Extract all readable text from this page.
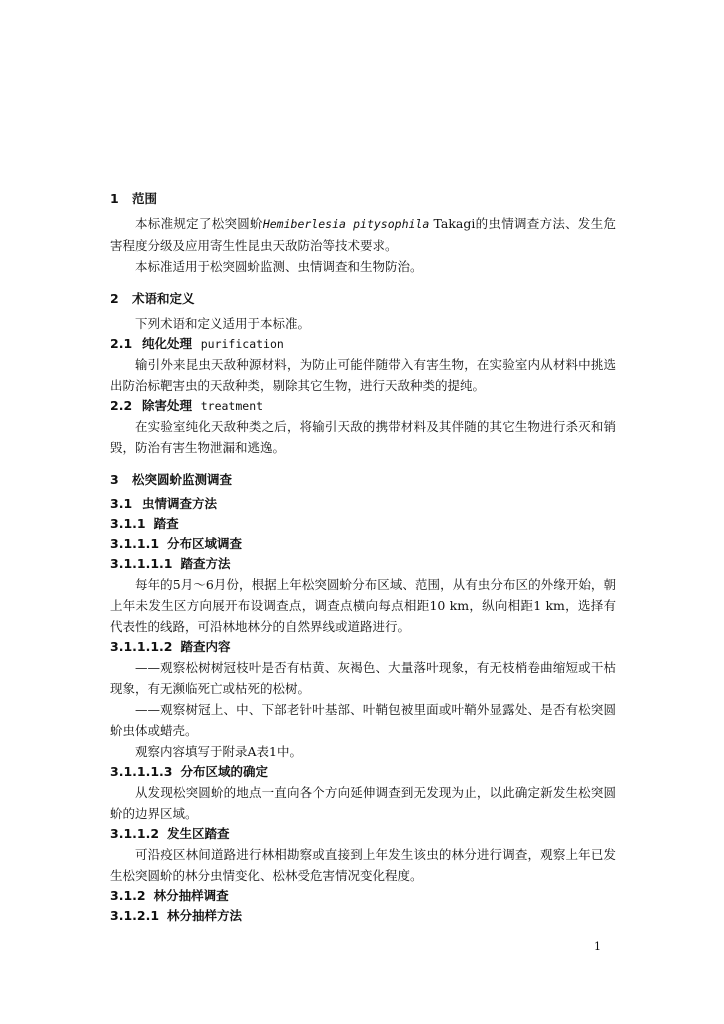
1 范围

本标准规定了松突圆蚧Hemiberlesia pitysophila Takagi的虫情调查方法、发生危害程度分级及应用寄生性昆虫天敌防治等技术要求。

本标准适用于松突圆蚧监测、虫情调查和生物防治。

2 术语和定义

下列术语和定义适用于本标准。

2.1 纯化处理 purification

输引外来昆虫天敌种源材料，为防止可能伴随带入有害生物，在实验室内从材料中挑选出防治标靶害虫的天敌种类，剔除其它生物，进行天敌种类的提纯。

2.2 除害处理 treatment

在实验室纯化天敌种类之后，将输引天敌的携带材料及其伴随的其它生物进行杀灭和销毁，防治有害生物泄漏和逃逸。

3 松突圆蚧监测调查
3.1 虫情调查方法
3.1.1 踏查
3.1.1.1 分布区域调查
3.1.1.1.1 踏查方法

每年的5月～6月份，根据上年松突圆蚧分布区域、范围，从有虫分布区的外缘开始，朝上年未发生区方向展开布设调查点，调查点横向每点相距10 km，纵向相距1 km，选择有代表性的线路，可沿林地林分的自然界线或道路进行。

3.1.1.1.2 踏查内容

——观察松树树冠枝叶是否有枯黄、灰褐色、大量落叶现象，有无枝梢卷曲缩短或干枯现象，有无濒临死亡或枯死的松树。

——观察树冠上、中、下部老针叶基部、叶鞘包被里面或叶鞘外显露处、是否有松突圆蚧虫体或蜡壳。

观察内容填写于附录A表1中。

3.1.1.1.3 分布区域的确定

从发现松突圆蚧的地点一直向各个方向延伸调查到无发现为止，以此确定新发生松突圆蚧的边界区域。

3.1.1.2 发生区踏查

可沿疫区林间道路进行林相勘察或直接到上年发生该虫的林分进行调查，观察上年已发生松突圆蚧的林分虫情变化、松林受危害情况变化程度。

3.1.2 林分抽样调查
3.1.2.1 林分抽样方法
1
